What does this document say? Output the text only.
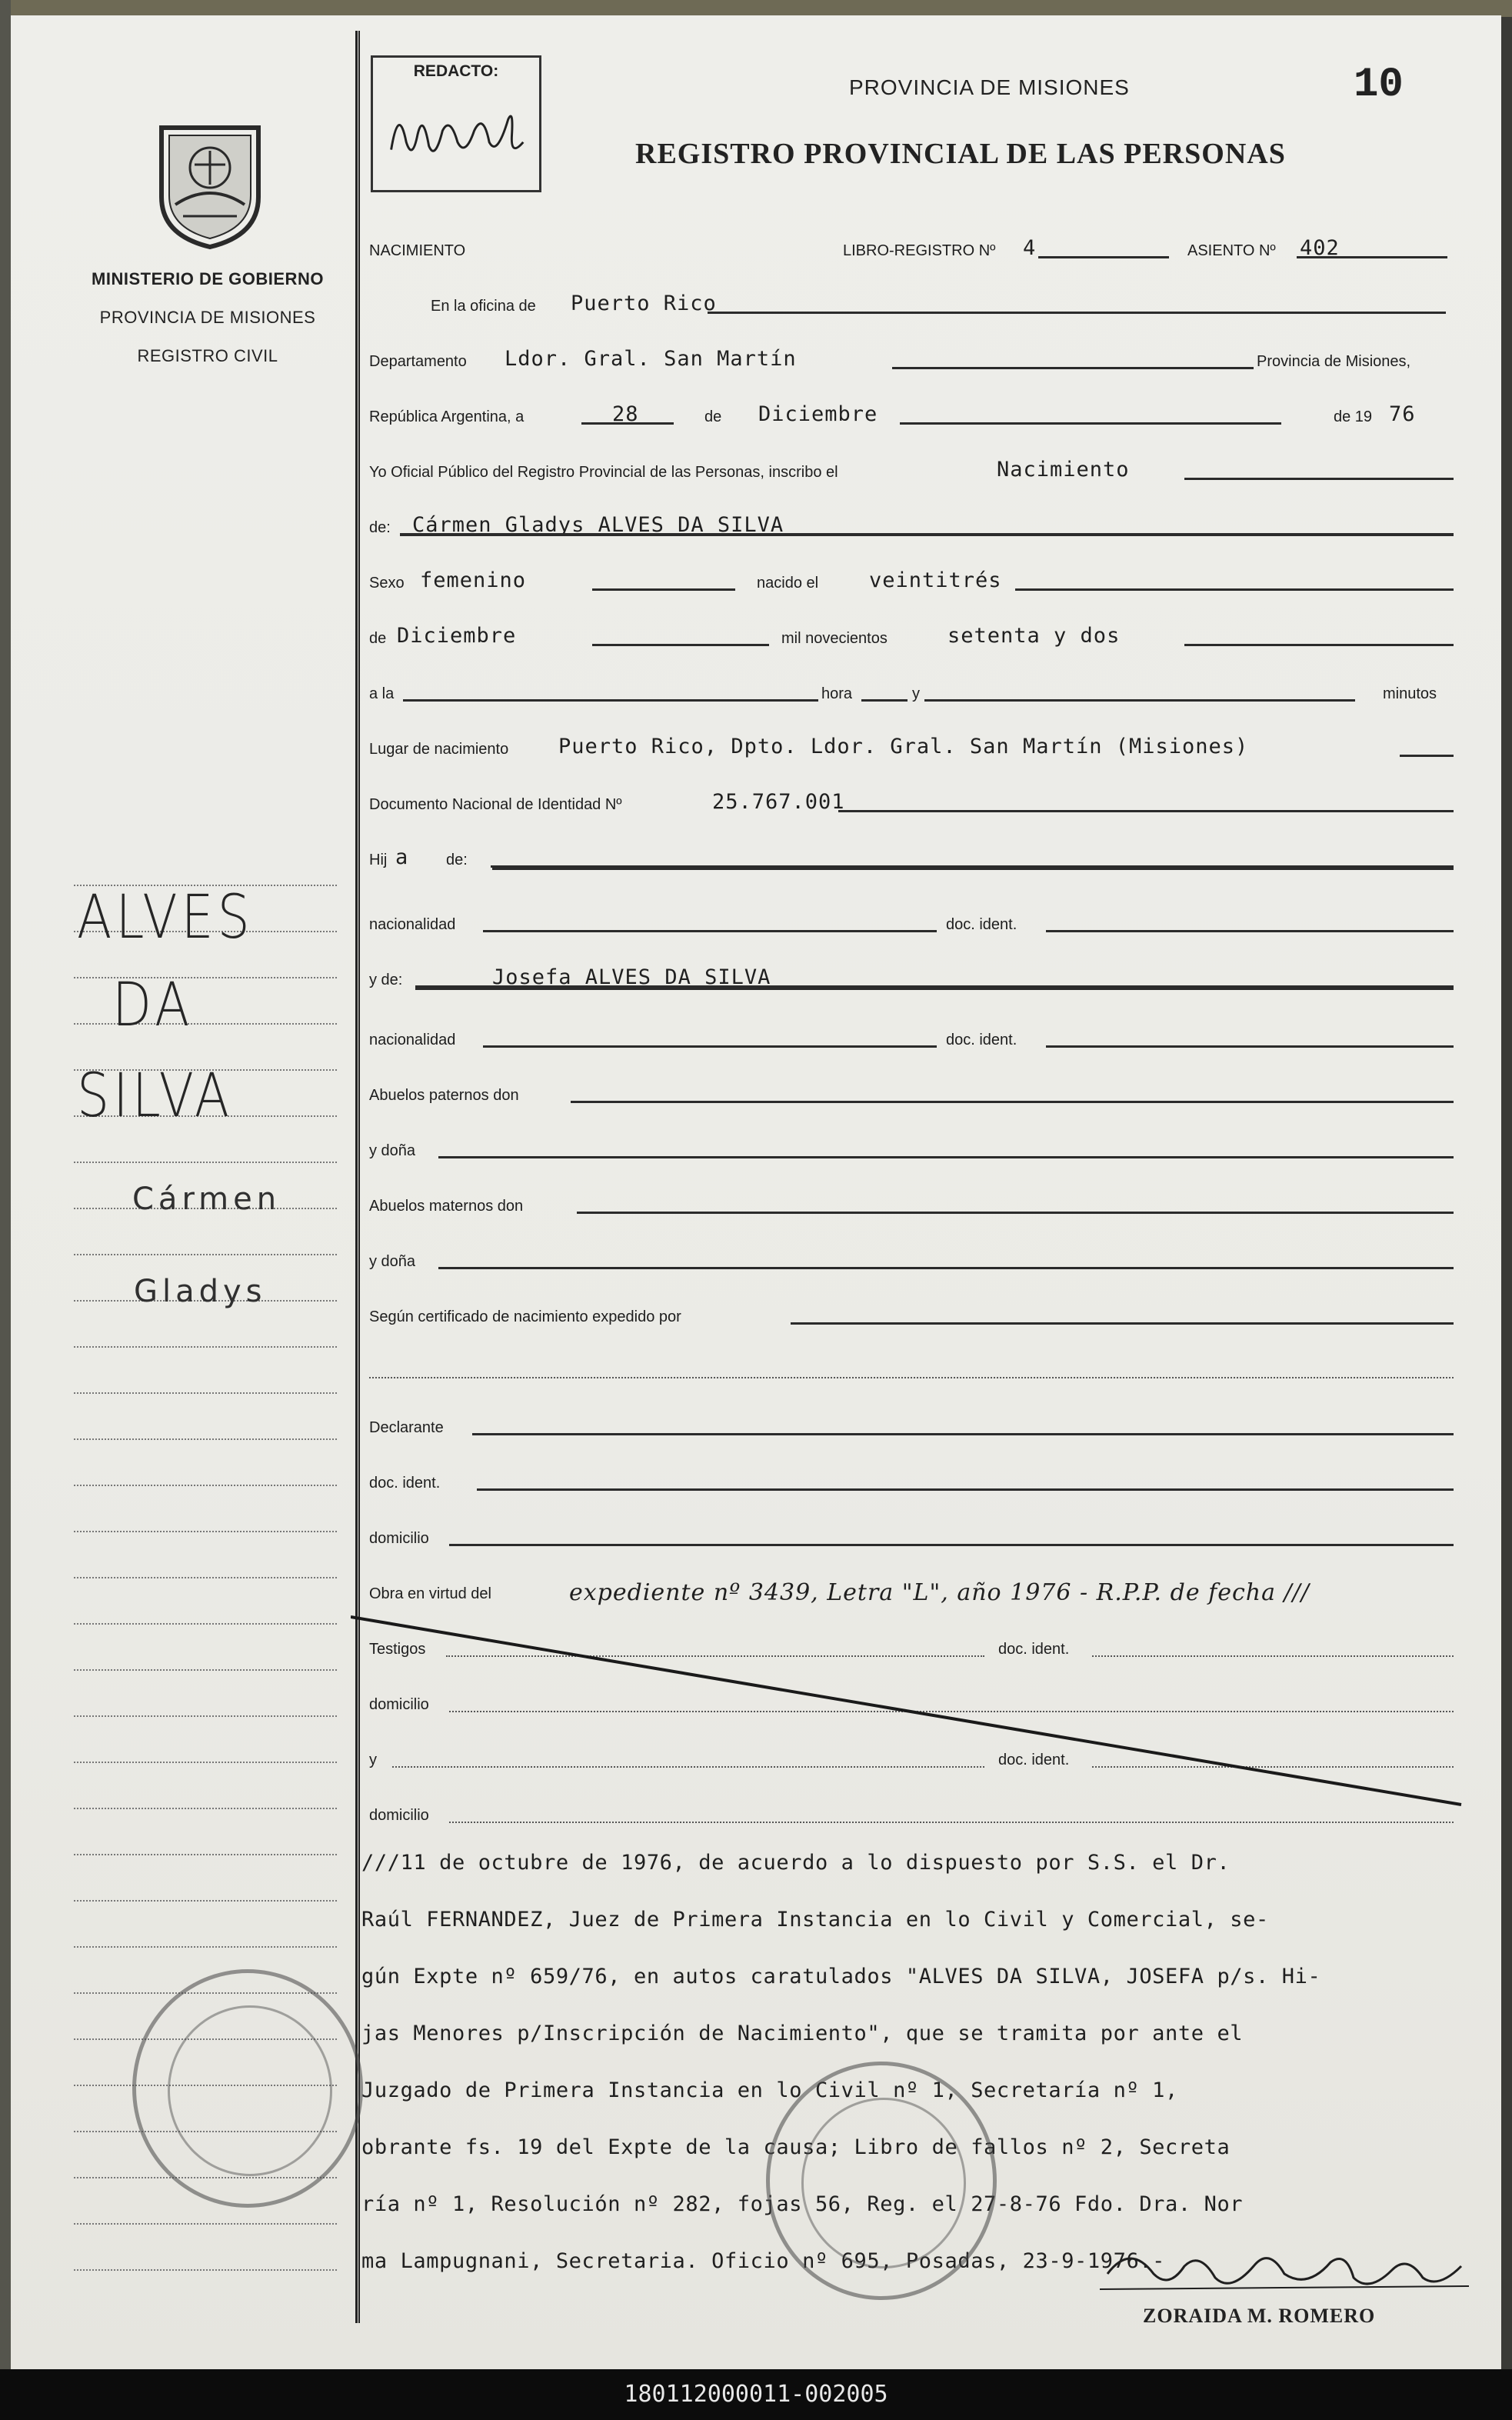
MINISTERIO DE GOBIERNO
PROVINCIA DE MISIONES
REGISTRO CIVIL
ALVES
DA
SILVA
Cármen
Gladys
REDACTO:
PROVINCIA DE MISIONES
REGISTRO PROVINCIAL DE LAS PERSONAS
10
NACIMIENTO	LIBRO-REGISTRO Nº 4	ASIENTO Nº 402
En la oficina de Puerto Rico
Departamento Ldor. Gral. San Martín	Provincia de Misiones,
República Argentina, a	28	de Diciembre	de 19 76
Yo Oficial Público del Registro Provincial de las Personas, inscribo el	Nacimiento
de: Cármen Gladys ALVES DA SILVA
Sexo femenino	nacido el veintitrés
de Diciembre	mil novecientos	setenta y dos
a la	hora	y	minutos
Lugar de nacimiento Puerto Rico, Dpto. Ldor. Gral. San Martín (Misiones)
Documento Nacional de Identidad Nº	25.767.001
Hij a de:
nacionalidad	doc. ident.
y de:	Josefa ALVES DA SILVA
nacionalidad	doc. ident.
Abuelos paternos don
y doña
Abuelos maternos don
y doña
Según certificado de nacimiento expedido por
Declarante
doc. ident.
domicilio
Obra en virtud del	expediente nº 3439, Letra "L", año 1976 - R.P.P. de fecha ///
Testigos	doc. ident.
domicilio
y	doc. ident.
domicilio
///11 de octubre de 1976, de acuerdo a lo dispuesto por S.S. el Dr.
Raúl FERNANDEZ, Juez de Primera Instancia en lo Civil y Comercial, se-
gún Expte nº 659/76, en autos caratulados "ALVES DA SILVA, JOSEFA p/s. Hi-
jas Menores p/Inscripción de Nacimiento", que se tramita por ante el
Juzgado de Primera Instancia en lo Civil nº 1, Secretaría nº 1,
obrante fs. 19 del Expte de la causa; Libro de fallos nº 2, Secreta
ría nº 1, Resolución nº 282, fojas 56, Reg. el 27-8-76 Fdo. Dra. Nor
ma Lampugnani, Secretaria. Oficio nº 695, Posadas, 23-9-1976.-
ZORAIDA M. ROMERO
180112000011-002005
